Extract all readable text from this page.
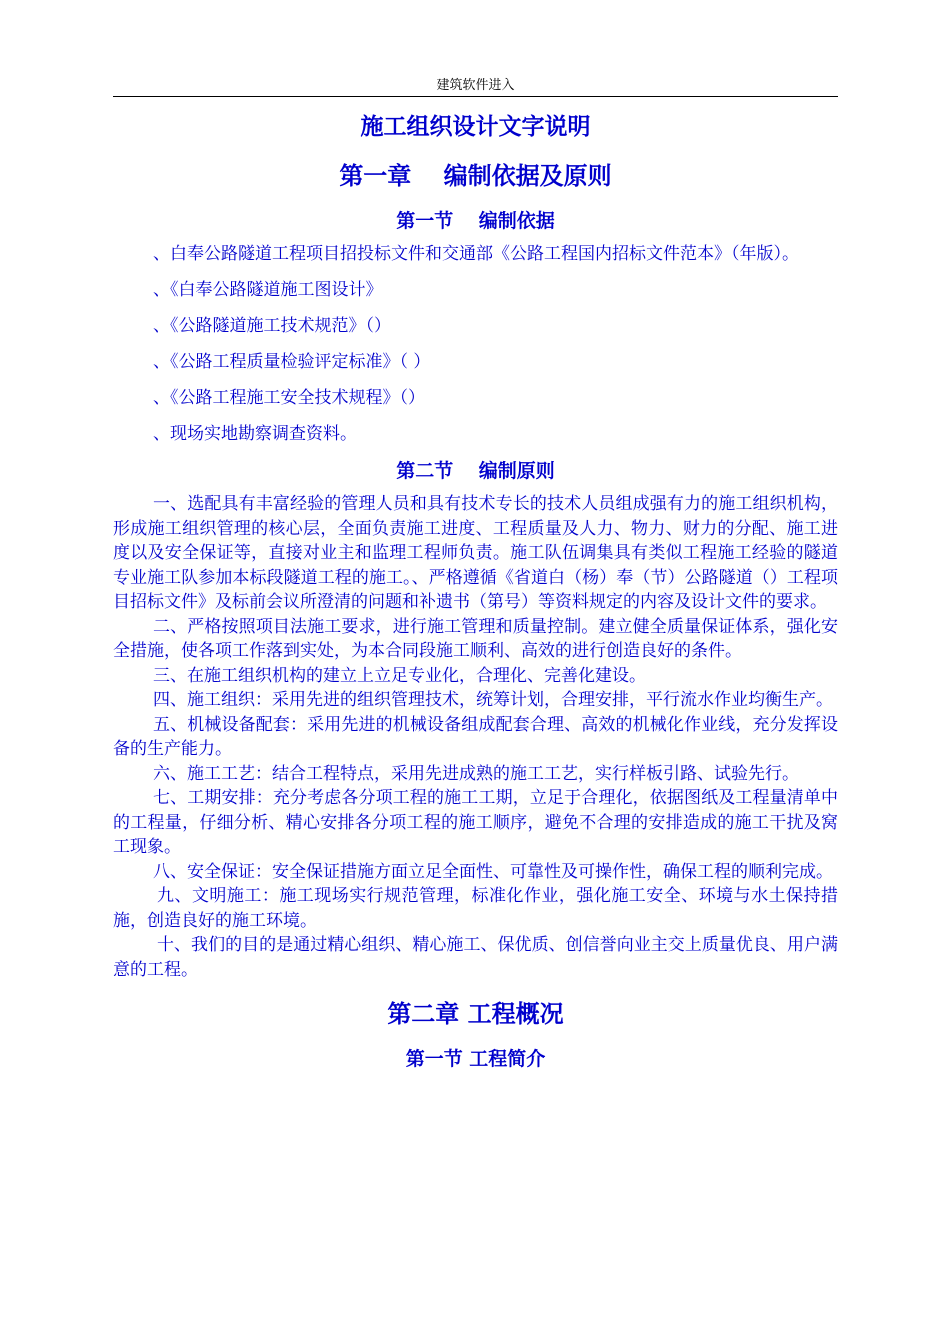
建筑软件进入
施工组织设计文字说明
第一章　 编制依据及原则
第一节　 编制依据

、白奉公路隧道工程项目招投标文件和交通部《公路工程国内招标文件范本》（年版）。

、《白奉公路隧道施工图设计》

、《公路隧道施工技术规范》（）

、《公路工程质量检验评定标准》（ ）

、《公路工程施工安全技术规程》（）

、现场实地勘察调查资料。

第二节　 编制原则

一、选配具有丰富经验的管理人员和具有技术专长的技术人员组成强有力的施工组织机构，形成施工组织管理的核心层，全面负责施工进度、工程质量及人力、物力、财力的分配、施工进度以及安全保证等，直接对业主和监理工程师负责。施工队伍调集具有类似工程施工经验的隧道专业施工队参加本标段隧道工程的施工。、严格遵循《省道白（杨）奉（节）公路隧道（）工程项目招标文件》及标前会议所澄清的问题和补遗书（第号）等资料规定的内容及设计文件的要求。

二、严格按照项目法施工要求，进行施工管理和质量控制。建立健全质量保证体系，强化安全措施，使各项工作落到实处，为本合同段施工顺利、高效的进行创造良好的条件。

三、在施工组织机构的建立上立足专业化，合理化、完善化建设。

四、施工组织：采用先进的组织管理技术，统筹计划，合理安排，平行流水作业均衡生产。

五、机械设备配套：采用先进的机械设备组成配套合理、高效的机械化作业线，充分发挥设备的生产能力。

六、施工工艺：结合工程特点，采用先进成熟的施工工艺，实行样板引路、试验先行。

七、工期安排：充分考虑各分项工程的施工工期，立足于合理化，依据图纸及工程量清单中的工程量，仔细分析、精心安排各分项工程的施工顺序，避免不合理的安排造成的施工干扰及窝工现象。

八、安全保证：安全保证措施方面立足全面性、可靠性及可操作性，确保工程的顺利完成。

九、文明施工：施工现场实行规范管理，标准化作业，强化施工安全、环境与水土保持措施，创造良好的施工环境。

十、我们的目的是通过精心组织、精心施工、保优质、创信誉向业主交上质量优良、用户满意的工程。

第二章 工程概况
第一节 工程简介
